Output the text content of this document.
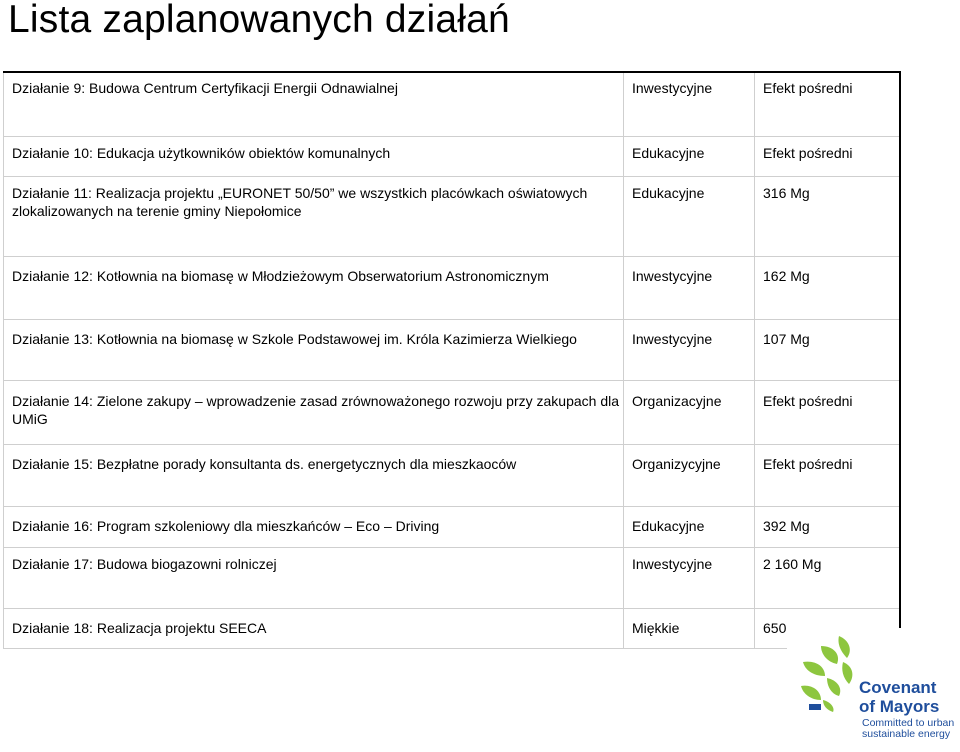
Lista zaplanowanych działań
Działanie 9: Budowa Centrum Certyfikacji Energii Odnawialnej	Inwestycyjne	Efekt pośredni
Działanie 10: Edukacja użytkowników obiektów komunalnych	Edukacyjne	Efekt pośredni
Działanie 11: Realizacja projektu „EURONET 50/50” we wszystkich placówkach oświatowych zlokalizowanych na terenie gminy Niepołomice	Edukacyjne	316 Mg
Działanie 12: Kotłownia na biomasę w Młodzieżowym Obserwatorium Astronomicznym	Inwestycyjne	162 Mg
Działanie 13: Kotłownia na biomasę w Szkole Podstawowej im. Króla Kazimierza Wielkiego	Inwestycyjne	107 Mg
Działanie 14: Zielone zakupy – wprowadzenie zasad zrównoważonego rozwoju przy zakupach dla UMiG	Organizacyjne	Efekt pośredni
Działanie 15: Bezpłatne porady konsultanta ds. energetycznych dla mieszkaoców	Organizycyjne	Efekt pośredni
Działanie 16: Program szkoleniowy dla mieszkańców – Eco – Driving	Edukacyjne	392 Mg
Działanie 17: Budowa biogazowni rolniczej	Inwestycyjne	2 160 Mg
Działanie 18: Realizacja projektu SEECA	Miękkie	650
Covenant
of Mayors
Committed to urban
sustainable energy
